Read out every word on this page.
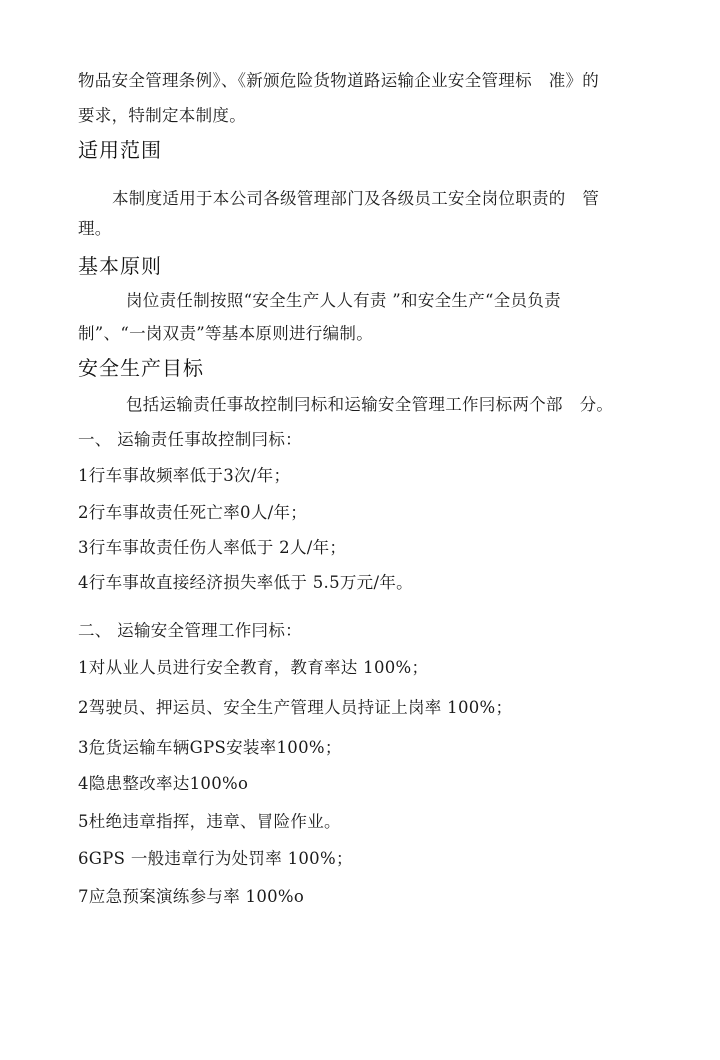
物品安全管理条例》、《新颁危险货物道路运输企业安全管理标　准》的
要求，特制定本制度。
适用范围
本制度适用于本公司各级管理部门及各级员工安全岗位职责的　管
理。
基本原则
岗位责任制按照“安全生产人人有责 ”和安全生产“全员负责
制”、“一岗双责”等基本原则进行编制。
安全生产目标
包括运输责任事故控制冃标和运输安全管理工作冃标两个部　分。
一、 运输责任事故控制冃标：
1行车事故频率低于3次/年；
2行车事故责任死亡率0人/年；
3行车事故责任伤人率低于 2人/年；
4行车事故直接经济损失率低于 5.5万元/年。
二、 运输安全管理工作冃标：
1对从业人员进行安全教育，教育率达 100%；
2驾驶员、押运员、安全生产管理人员持证上岗率 100%；
3危货运输车辆GPS安装率100%；
4隐患整改率达100%o
5杜绝违章指挥，违章、冒险作业。
6GPS 一般违章行为处罚率 100%；
7应急预案演练参与率 100%o
